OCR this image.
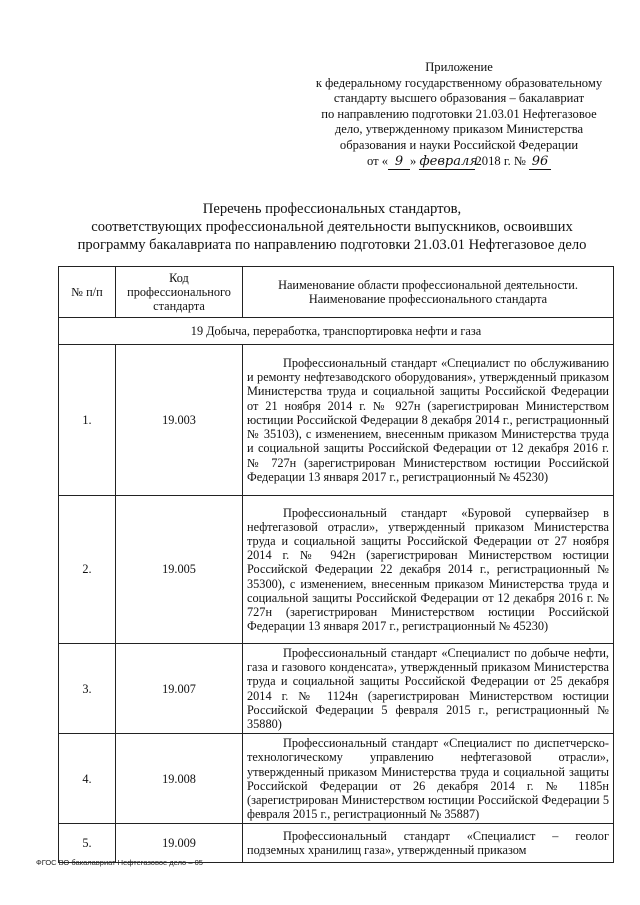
Приложение
к федеральному государственному образовательному
стандарту высшего образования – бакалавриат
по направлению подготовки 21.03.01 Нефтегазовое
дело, утвержденному приказом Министерства
образования и науки Российской Федерации
от « 9 » февраля2018 г. № 96
Перечень профессиональных стандартов,
соответствующих профессиональной деятельности выпускников, освоивших
программу бакалавриата по направлению подготовки 21.03.01 Нефтегазовое дело
№ п/п	Код профессионального стандарта	Наименование области профессиональной деятельности. Наименование профессионального стандарта
19 Добыча, переработка, транспортировка нефти и газа		
1.	19.003	Профессиональный стандарт «Специалист по обслуживанию и ремонту нефтезаводского оборудования», утвержденный приказом Министерства труда и социальной защиты Российской Федерации от 21 ноября 2014 г. № 927н (зарегистрирован Министерством юстиции Российской Федерации 8 декабря 2014 г., регистрационный № 35103), с изменением, внесенным приказом Министерства труда и социальной защиты Российской Федерации от 12 декабря 2016 г. № 727н (зарегистрирован Министерством юстиции Российской Федерации 13 января 2017 г., регистрационный № 45230)

2.	19.005	Профессиональный стандарт «Буровой супервайзер в нефтегазовой отрасли», утвержденный приказом Министерства труда и социальной защиты Российской Федерации от 27 ноября 2014 г. № 942н (зарегистрирован Министерством юстиции Российской Федерации 22 декабря 2014 г., регистрационный № 35300), с изменением, внесенным приказом Министерства труда и социальной защиты Российской Федерации от 12 декабря 2016 г. № 727н (зарегистрирован Министерством юстиции Российской Федерации 13 января 2017 г., регистрационный № 45230)

3.	19.007	Профессиональный стандарт «Специалист по добыче нефти, газа и газового конденсата», утвержденный приказом Министерства труда и социальной защиты Российской Федерации от 25 декабря 2014 г. № 1124н (зарегистрирован Министерством юстиции Российской Федерации 5 февраля 2015 г., регистрационный № 35880)

4.	19.008	Профессиональный стандарт «Специалист по диспетчерско-технологическому управлению нефтегазовой отрасли», утвержденный приказом Министерства труда и социальной защиты Российской Федерации от 26 декабря 2014 г. № 1185н (зарегистрирован Министерством юстиции Российской Федерации 5 февраля 2015 г., регистрационный № 35887)

5.	19.009	Профессиональный стандарт «Специалист – геолог подземных хранилищ газа», утвержденный приказом

ФГОС ВО бакалавриат Нефтегазовое дело – 05
